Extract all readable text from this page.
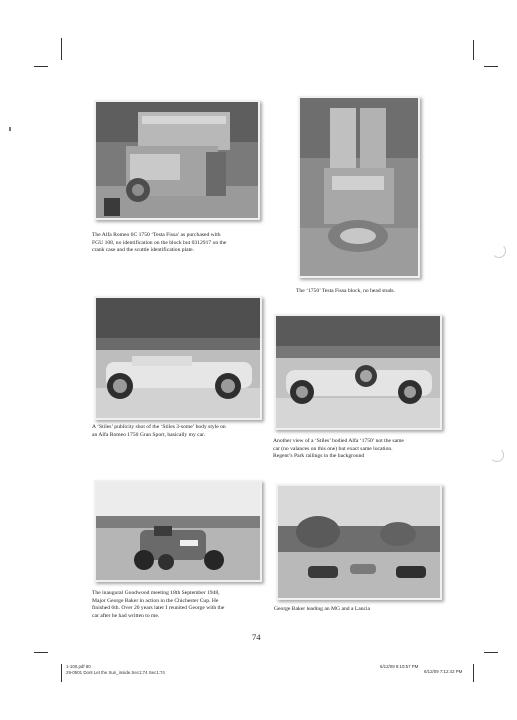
The Alfa Romeo 6C 1750 ‘Testa Fissa’ as purchased with
FGU 108, no identification on the block but 0312917 on the
crank case and the scuttle identification plate.
The ‘1750’ Testa Fissa block, no head studs.
A ‘Stiles’ publicity shot of the ‘Stiles 3-some’ body style on
an Alfa Romeo 1750 Gran Sport, basically my car.
Another view of a ‘Stiles’ bodied Alfa ‘1750’ not the same
car (no valances on this one) but exact same location.
Regent’s Park railings in the background
The inaugural Goodwood meeting 18th September 1948,
Major George Baker in action in the Chichester Cup. He
finished 6th. Over 20 years later I reunited George with the
car after he had written to me.
George Baker leading an MG and a Lancia
74
1-100.pdf 80
29-0501 Dont Let the Sun_inside.Sec1:74 Sec1:74
6/12/09 8:10:57 PM
6/12/09 7:12:42 PM
